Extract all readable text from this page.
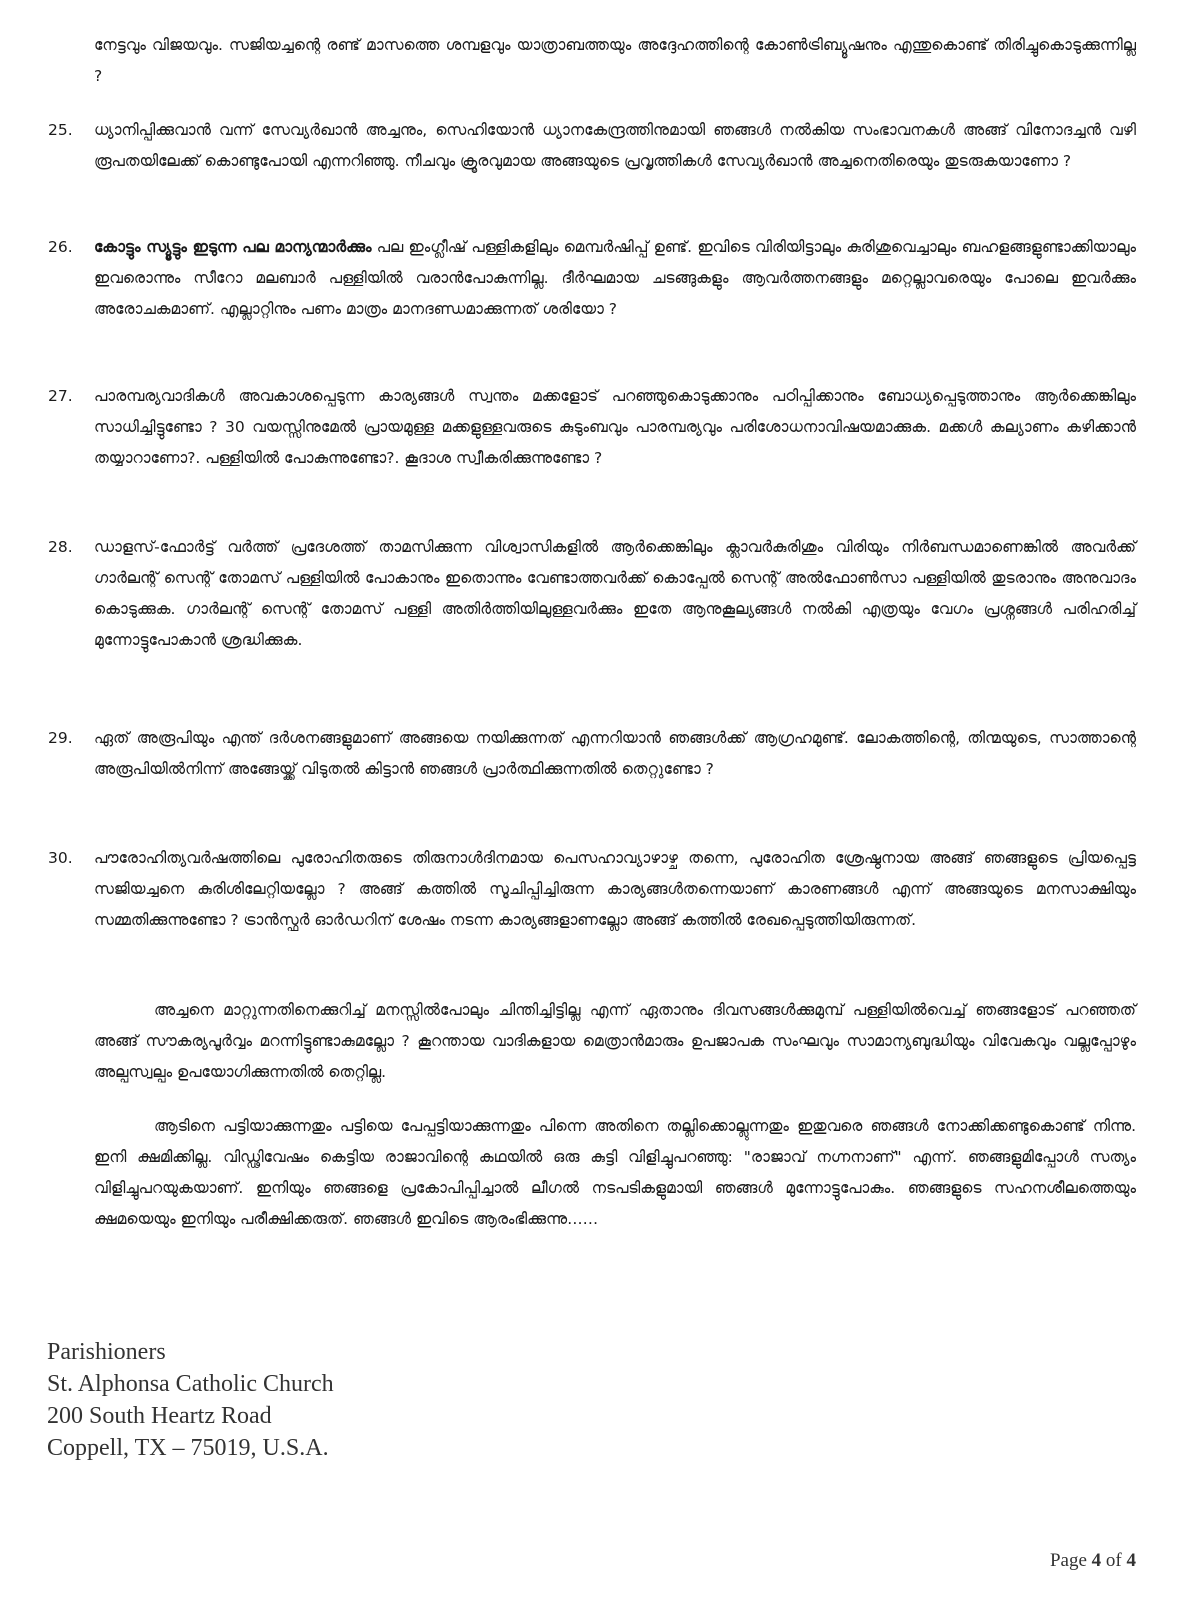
നേട്ടവും വിജയവും. സജിയച്ചന്റെ രണ്ട് മാസത്തെ ശമ്പളവും യാത്രാബത്തയും അദ്ദേഹത്തിന്റെ കോൺട്രിബ്യൂഷനും എന്തുകൊണ്ട് തിരിച്ചുകൊടുക്കുന്നില്ല ?
25.	ധ്യാനിപ്പിക്കുവാൻ വന്ന് സേവ്യർഖാൻ അച്ചനും, സെഹിയോൻ ധ്യാനകേന്ദ്രത്തിനുമായി ഞങ്ങൾ നൽകിയ സംഭാവനകൾ അങ്ങ് വിനോദച്ചൻ വഴി രൂപതയിലേക്ക് കൊണ്ടുപോയി എന്നറിഞ്ഞു. നീചവും ക്രൂരവുമായ അങ്ങയുടെ പ്രവൃത്തികൾ സേവ്യർഖാൻ അച്ചനെതിരെയും തുടരുകയാണോ ?
26.	കോട്ടും സ്യൂട്ടും ഇടുന്ന പല മാന്യന്മാർക്കും പല ഇംഗ്ലീഷ് പള്ളികളിലും മെമ്പർഷിപ്പ് ഉണ്ട്. ഇവിടെ വിരിയിട്ടാലും കുരിശുവെച്ചാലും ബഹളങ്ങളുണ്ടാക്കിയാലും ഇവരൊന്നും സീറോ മലബാർ പള്ളിയിൽ വരാൻപോകുന്നില്ല. ദീർഘമായ ചടങ്ങുകളും ആവർത്തനങ്ങളും മറ്റെല്ലാവരെയും പോലെ ഇവർക്കും അരോചകമാണ്. എല്ലാറ്റിനും പണം മാത്രം മാനദണ്ഡമാക്കുന്നത് ശരിയോ ?
27.	പാരമ്പര്യവാദികൾ അവകാശപ്പെടുന്ന കാര്യങ്ങൾ സ്വന്തം മക്കളോട് പറഞ്ഞുകൊടുക്കാനും പഠിപ്പിക്കാനും ബോധ്യപ്പെടുത്താനും ആർക്കെങ്കിലും സാധിച്ചിട്ടുണ്ടോ ? 30 വയസ്സിനുമേൽ പ്രായമുള്ള മക്കളുള്ളവരുടെ കുടുംബവും പാരമ്പര്യവും പരിശോധനാവിഷയമാക്കുക. മക്കൾ കല്യാണം കഴിക്കാൻ തയ്യാറാണോ?. പള്ളിയിൽ പോകുന്നുണ്ടോ?. കൂദാശ സ്വീകരിക്കുന്നുണ്ടോ ?
28.	ഡാളസ്-ഫോർട്ട് വർത്ത് പ്രദേശത്ത് താമസിക്കുന്ന വിശ്വാസികളിൽ ആർക്കെങ്കിലും ക്ലാവർകുരിശും വിരിയും നിർബന്ധമാണെങ്കിൽ അവർക്ക് ഗാർലന്റ് സെന്റ് തോമസ് പള്ളിയിൽ പോകാനും ഇതൊന്നും വേണ്ടാത്തവർക്ക് കൊപ്പേൽ സെന്റ് അൽഫോൺസാ പള്ളിയിൽ തുടരാനും അനുവാദം കൊടുക്കുക. ഗാർലന്റ് സെന്റ് തോമസ് പള്ളി അതിർത്തിയിലുള്ളവർക്കും ഇതേ ആനുകൂല്യങ്ങൾ നൽകി എത്രയും വേഗം പ്രശ്നങ്ങൾ പരിഹരിച്ച് മുന്നോട്ടുപോകാൻ ശ്രദ്ധിക്കുക.
29.	ഏത് അരൂപിയും എന്ത് ദർശനങ്ങളുമാണ് അങ്ങയെ നയിക്കുന്നത് എന്നറിയാൻ ഞങ്ങൾക്ക് ആഗ്രഹമുണ്ട്. ലോകത്തിന്റെ, തിന്മയുടെ, സാത്താന്റെ അരൂപിയിൽനിന്ന് അങ്ങേയ്ക്ക് വിടുതൽ കിട്ടാൻ ഞങ്ങൾ പ്രാർത്ഥിക്കുന്നതിൽ തെറ്റുണ്ടോ ?
30.	പൗരോഹിത്യവർഷത്തിലെ പുരോഹിതരുടെ തിരുനാൾദിനമായ പെസഹാവ്യാഴാഴ്ച തന്നെ, പുരോഹിത ശ്രേഷ്ഠനായ അങ്ങ് ഞങ്ങളുടെ പ്രിയപ്പെട്ട സജിയച്ചനെ കുരിശിലേറ്റിയല്ലോ ? അങ്ങ് കത്തിൽ സൂചിപ്പിച്ചിരുന്ന കാര്യങ്ങൾതന്നെയാണ് കാരണങ്ങൾ എന്ന് അങ്ങയുടെ മനസാക്ഷിയും സമ്മതിക്കുന്നുണ്ടോ ? ട്രാൻസ്ഫർ ഓർഡറിന് ശേഷം നടന്ന കാര്യങ്ങളാണല്ലോ അങ്ങ് കത്തിൽ രേഖപ്പെടുത്തിയിരുന്നത്.
അച്ചനെ മാറ്റുന്നതിനെക്കുറിച്ച് മനസ്സിൽപോലും ചിന്തിച്ചിട്ടില്ല എന്ന് ഏതാനും ദിവസങ്ങൾക്കുമുമ്പ് പള്ളിയിൽവെച്ച് ഞങ്ങളോട് പറഞ്ഞത് അങ്ങ് സൗകര്യപൂർവ്വം മറന്നിട്ടുണ്ടാകുമല്ലോ ? കൂറന്തായ വാദികളായ മെത്രാൻമാരും ഉപജാപക സംഘവും സാമാന്യബുദ്ധിയും വിവേകവും വല്ലപ്പോഴും അല്പസ്വല്പം ഉപയോഗിക്കുന്നതിൽ തെറ്റില്ല.
ആടിനെ പട്ടിയാക്കുന്നതും പട്ടിയെ പേപ്പട്ടിയാക്കുന്നതും പിന്നെ അതിനെ തല്ലിക്കൊല്ലുന്നതും ഇതുവരെ ഞങ്ങൾ നോക്കിക്കണ്ടുകൊണ്ട് നിന്നു. ഇനി ക്ഷമിക്കില്ല. വിഡ്ഢിവേഷം കെട്ടിയ രാജാവിന്റെ കഥയിൽ ഒരു കുട്ടി വിളിച്ചുപറഞ്ഞു: "രാജാവ് നഗ്നനാണ്" എന്ന്. ഞങ്ങളുമിപ്പോൾ സത്യം വിളിച്ചുപറയുകയാണ്. ഇനിയും ഞങ്ങളെ പ്രകോപിപ്പിച്ചാൽ ലീഗൽ നടപടികളുമായി ഞങ്ങൾ മുന്നോട്ടുപോകും. ഞങ്ങളുടെ സഹനശീലത്തെയും ക്ഷമയെയും ഇനിയും പരീക്ഷിക്കരുത്. ഞങ്ങൾ ഇവിടെ ആരംഭിക്കുന്നു……
Parishioners
St. Alphonsa Catholic Church
200 South Heartz Road
Coppell, TX – 75019, U.S.A.
Page 4 of 4
